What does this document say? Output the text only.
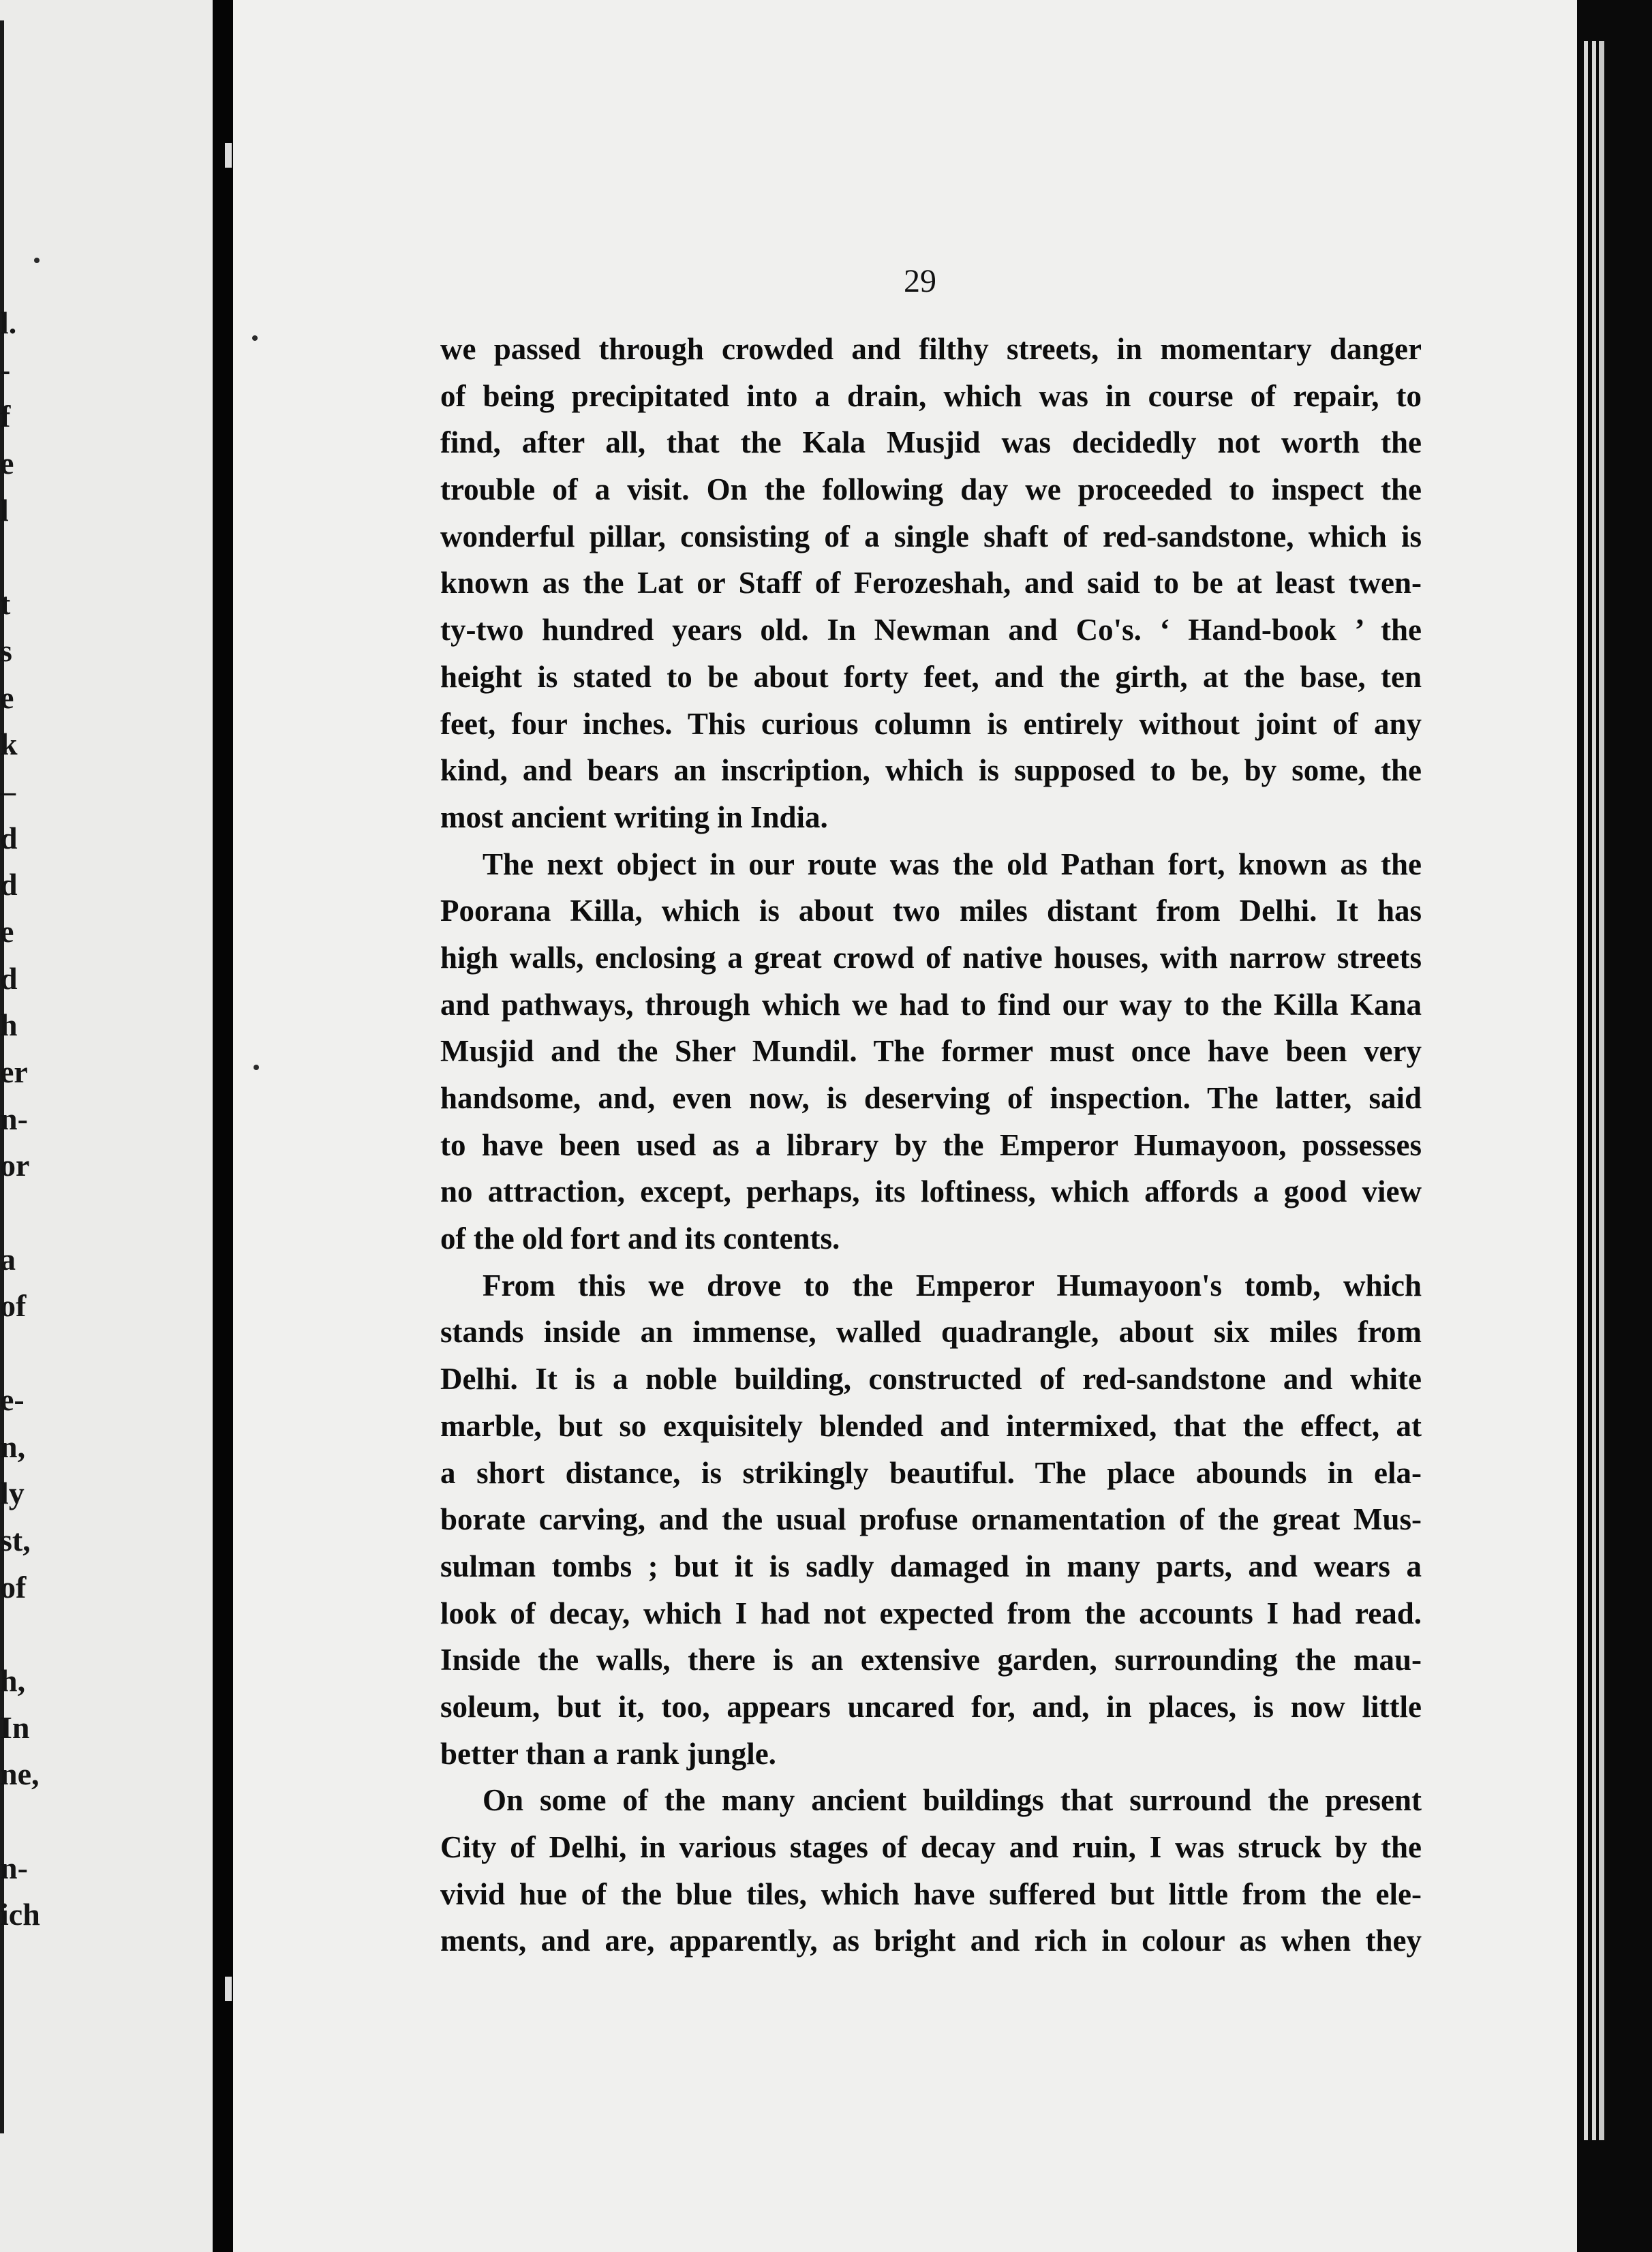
l.
-
f
e
l
t
s
e
k
–
d
d
e
d
h
er
n-
or
a
of
e-
n,
ly
st,
of
h,
In
ne,
n-
ich
29
we passed through crowded and filthy streets, in momentary danger
of being precipitated into a drain, which was in course of repair, to
find, after all, that the Kala Musjid was decidedly not worth the
trouble of a visit. On the following day we proceeded to inspect the
wonderful pillar, consisting of a single shaft of red-sandstone, which is
known as the Lat or Staff of Ferozeshah, and said to be at least twen-
ty-two hundred years old. In Newman and Co's. ‘ Hand-book ’ the
height is stated to be about forty feet, and the girth, at the base, ten
feet, four inches. This curious column is entirely without joint of any
kind, and bears an inscription, which is supposed to be, by some, the
most ancient writing in India.
The next object in our route was the old Pathan fort, known as the
Poorana Killa, which is about two miles distant from Delhi. It has
high walls, enclosing a great crowd of native houses, with narrow streets
and pathways, through which we had to find our way to the Killa Kana
Musjid and the Sher Mundil. The former must once have been very
handsome, and, even now, is deserving of inspection. The latter, said
to have been used as a library by the Emperor Humayoon, possesses
no attraction, except, perhaps, its loftiness, which affords a good view
of the old fort and its contents.
From this we drove to the Emperor Humayoon's tomb, which
stands inside an immense, walled quadrangle, about six miles from
Delhi. It is a noble building, constructed of red-sandstone and white
marble, but so exquisitely blended and intermixed, that the effect, at
a short distance, is strikingly beautiful. The place abounds in ela-
borate carving, and the usual profuse ornamentation of the great Mus-
sulman tombs ; but it is sadly damaged in many parts, and wears a
look of decay, which I had not expected from the accounts I had read.
Inside the walls, there is an extensive garden, surrounding the mau-
soleum, but it, too, appears uncared for, and, in places, is now little
better than a rank jungle.
On some of the many ancient buildings that surround the present
City of Delhi, in various stages of decay and ruin, I was struck by the
vivid hue of the blue tiles, which have suffered but little from the ele-
ments, and are, apparently, as bright and rich in colour as when they
